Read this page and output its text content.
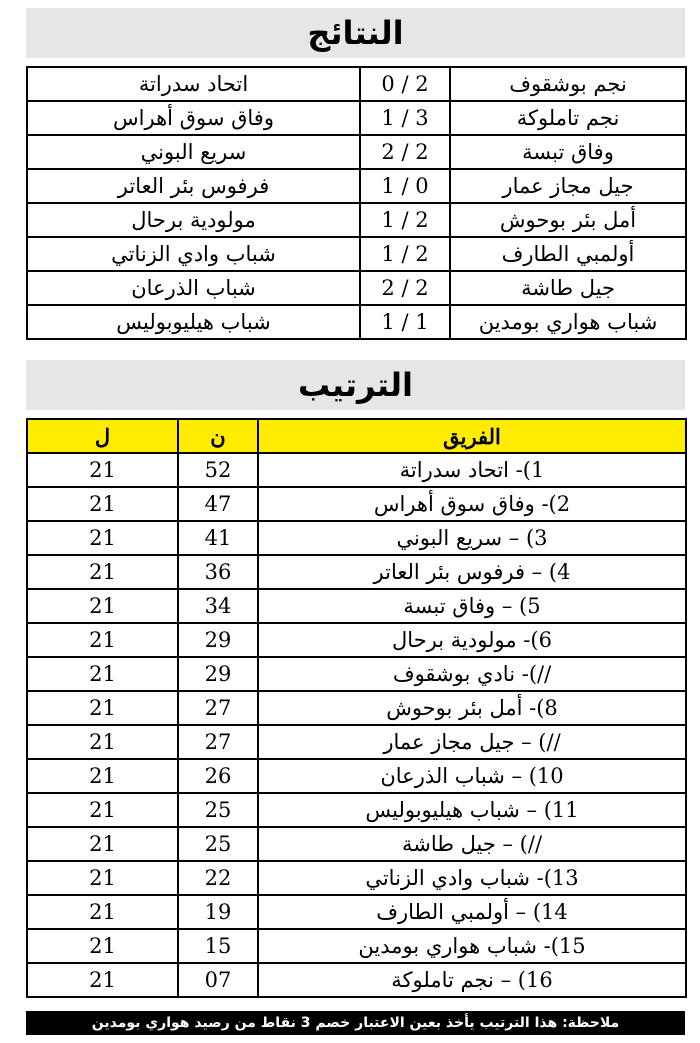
النتائج
نجم بوشقوف	2 / 0	اتحاد سدراتة
نجم تاملوكة	3 / 1	وفاق سوق أهراس
وفاق تبسة	2 / 2	سريع البوني
جيل مجاز عمار	0 / 1	فرفوس بئر العاتر
أمل بئر بوحوش	2 / 1	مولودية برحال
أولمبي الطارف	2 / 1	شباب وادي الزناتي
جيل طاشة	2 / 2	شباب الذرعان
شباب هواري بومدين	1 / 1	شباب هيليوبوليس
الترتيب
الفريق	ن	ل
1)- اتحاد سدراتة	52	21
2)- وفاق سوق أهراس	47	21
3) – سريع البوني	41	21
4) – فرفوس بئر العاتر	36	21
5) – وفاق تبسة	34	21
6)- مولودية برحال	29	21
//)- نادي بوشقوف	29	21
8)- أمل بئر بوحوش	27	21
//) – جيل مجاز عمار	27	21
10) – شباب الذرعان	26	21
11) – شباب هيليوبوليس	25	21
//) – جيل طاشة	25	21
13)- شباب وادي الزناتي	22	21
14) – أولمبي الطارف	19	21
15)- شباب هواري بومدين	15	21
16) – نجم تاملوكة	07	21
ملاحظة: هذا الترتيب يأخذ بعين الاعتبار خصم 3 نقاط من رصيد هواري بومدين
